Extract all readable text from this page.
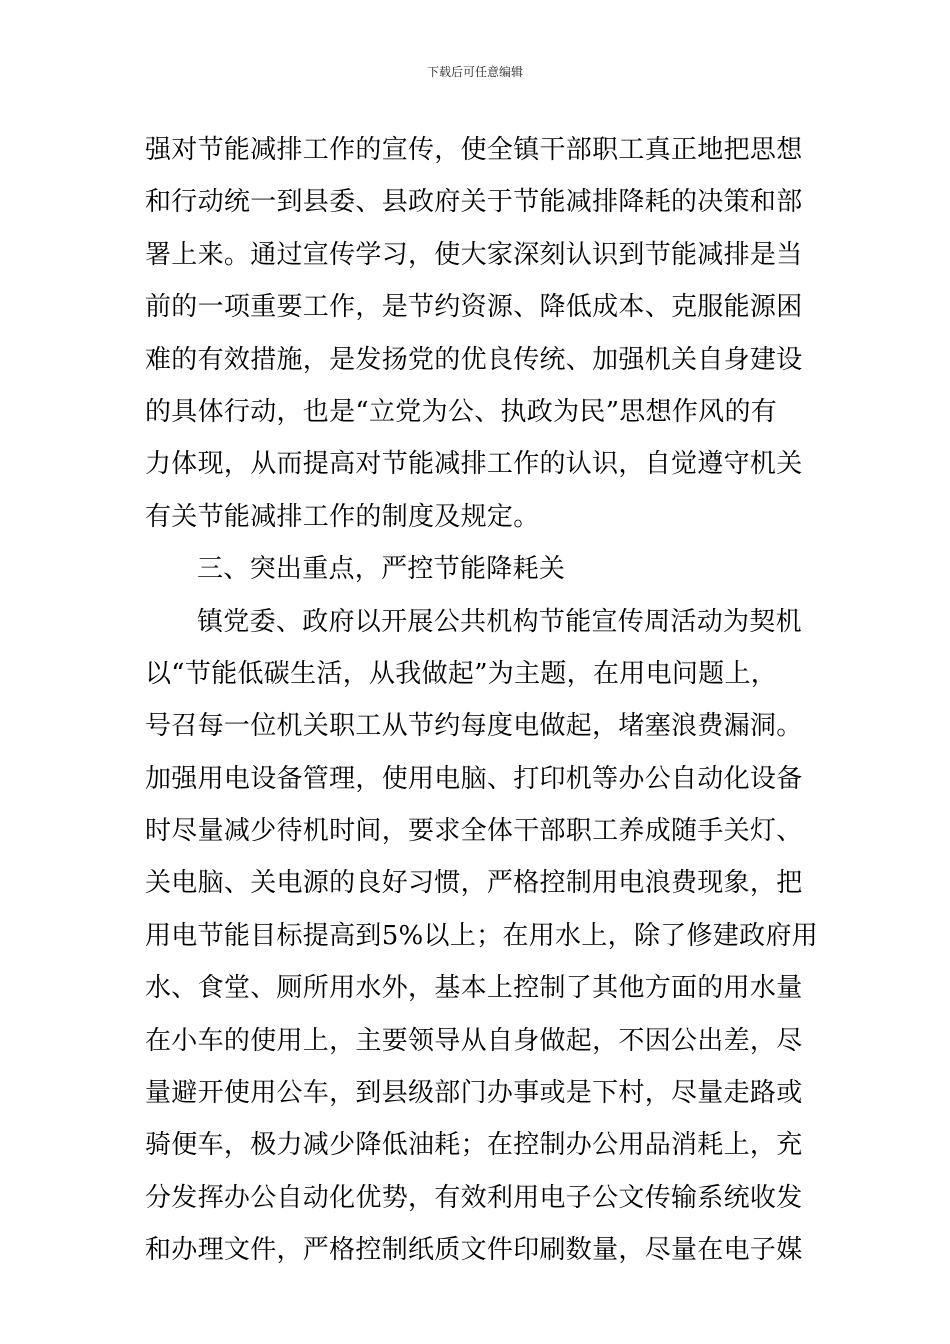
下载后可任意编辑
强对节能减排工作的宣传，使全镇干部职工真正地把思想
和行动统一到县委、县政府关于节能减排降耗的决策和部
署上来。通过宣传学习，使大家深刻认识到节能减排是当
前的一项重要工作，是节约资源、降低成本、克服能源困
难的有效措施，是发扬党的优良传统、加强机关自身建设
的具体行动，也是“立党为公、执政为民”思想作风的有
力体现，从而提高对节能减排工作的认识，自觉遵守机关
有关节能减排工作的制度及规定。
三、突出重点，严控节能降耗关
镇党委、政府以开展公共机构节能宣传周活动为契机
以“节能低碳生活，从我做起”为主题，在用电问题上，
号召每一位机关职工从节约每度电做起，堵塞浪费漏洞。
加强用电设备管理，使用电脑、打印机等办公自动化设备
时尽量减少待机时间，要求全体干部职工养成随手关灯、
关电脑、关电源的良好习惯，严格控制用电浪费现象，把
用电节能目标提高到5%以上；在用水上，除了修建政府用
水、食堂、厕所用水外，基本上控制了其他方面的用水量
在小车的使用上，主要领导从自身做起，不因公出差，尽
量避开使用公车，到县级部门办事或是下村，尽量走路或
骑便车，极力减少降低油耗；在控制办公用品消耗上，充
分发挥办公自动化优势，有效利用电子公文传输系统收发
和办理文件，严格控制纸质文件印刷数量，尽量在电子媒
